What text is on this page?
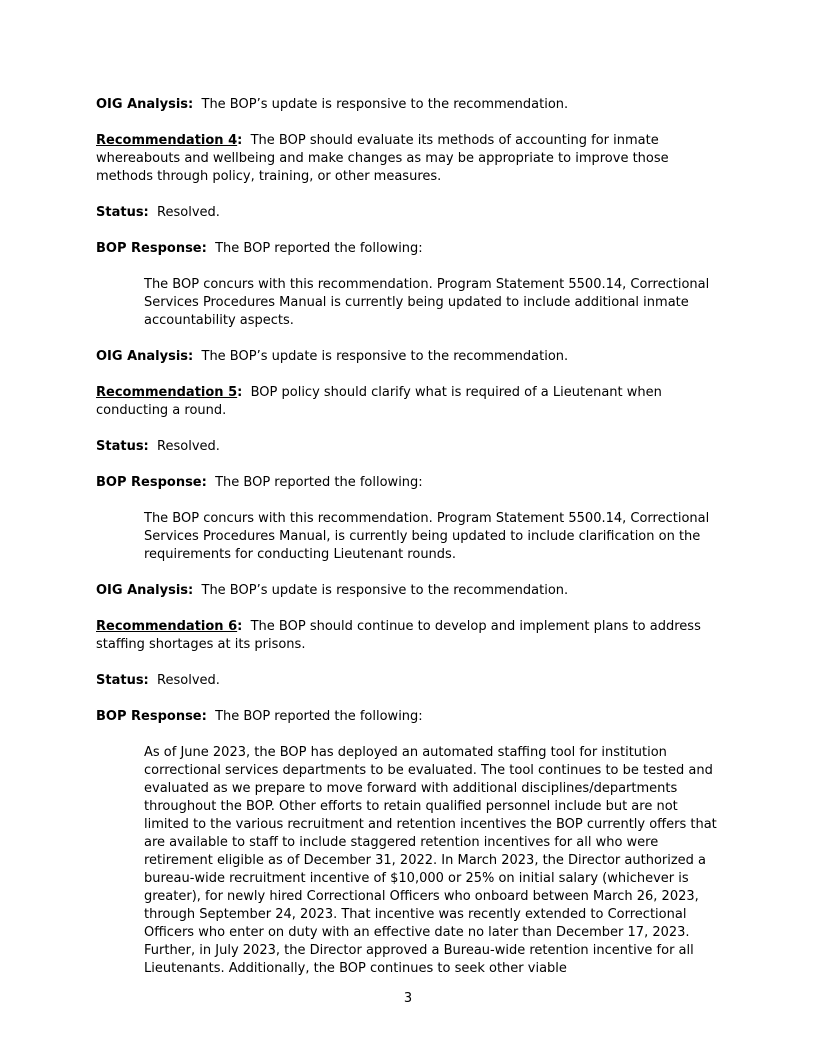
OIG Analysis: The BOP’s update is responsive to the recommendation.

Recommendation 4: The BOP should evaluate its methods of accounting for inmate whereabouts and wellbeing and make changes as may be appropriate to improve those methods through policy, training, or other measures.

Status: Resolved.

BOP Response: The BOP reported the following:

The BOP concurs with this recommendation. Program Statement 5500.14, Correctional Services Procedures Manual is currently being updated to include additional inmate accountability aspects.

OIG Analysis: The BOP’s update is responsive to the recommendation.

Recommendation 5: BOP policy should clarify what is required of a Lieutenant when conducting a round.

Status: Resolved.

BOP Response: The BOP reported the following:

The BOP concurs with this recommendation. Program Statement 5500.14, Correctional Services Procedures Manual, is currently being updated to include clarification on the requirements for conducting Lieutenant rounds.

OIG Analysis: The BOP’s update is responsive to the recommendation.

Recommendation 6: The BOP should continue to develop and implement plans to address staffing shortages at its prisons.

Status: Resolved.

BOP Response: The BOP reported the following:

As of June 2023, the BOP has deployed an automated staffing tool for institution correctional services departments to be evaluated. The tool continues to be tested and evaluated as we prepare to move forward with additional disciplines/departments throughout the BOP. Other efforts to retain qualified personnel include but are not limited to the various recruitment and retention incentives the BOP currently offers that are available to staff to include staggered retention incentives for all who were retirement eligible as of December 31, 2022. In March 2023, the Director authorized a bureau-wide recruitment incentive of $10,000 or 25% on initial salary (whichever is greater), for newly hired Correctional Officers who onboard between March 26, 2023, through September 24, 2023. That incentive was recently extended to Correctional Officers who enter on duty with an effective date no later than December 17, 2023. Further, in July 2023, the Director approved a Bureau-wide retention incentive for all Lieutenants. Additionally, the BOP continues to seek other viable

3
